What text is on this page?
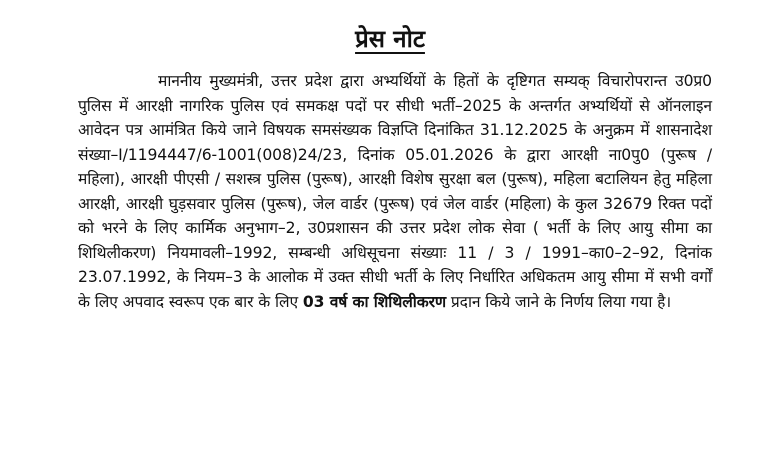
प्रेस नोट
माननीय मुख्यमंत्री, उत्तर प्रदेश द्वारा अभ्यर्थियों के हितों के दृष्टिगत सम्यक् विचारोपरान्त उ0प्र0 पुलिस में आरक्षी नागरिक पुलिस एवं समकक्ष पदों पर सीधी भर्ती–2025 के अन्तर्गत अभ्यर्थियों से ऑनलाइन आवेदन पत्र आमंत्रित किये जाने विषयक समसंख्यक विज्ञप्ति दिनांकित 31.12.2025 के अनुक्रम में शासनादेश संख्या–I/1194447/6-1001(008)24/23, दिनांक 05.01.2026 के द्वारा आरक्षी ना0पु0 (पुरूष / महिला), आरक्षी पीएसी / सशस्त्र पुलिस (पुरूष), आरक्षी विशेष सुरक्षा बल (पुरूष), महिला बटालियन हेतु महिला आरक्षी, आरक्षी घुड़सवार पुलिस (पुरूष), जेल वार्डर (पुरूष) एवं जेल वार्डर (महिला) के कुल 32679 रिक्त पदों को भरने के लिए कार्मिक अनुभाग–2, उ0प्रशासन की उत्तर प्रदेश लोक सेवा ( भर्ती के लिए आयु सीमा का शिथिलीकरण) नियमावली–1992, सम्बन्धी अधिसूचना संख्याः 11 / 3 / 1991–का0–2–92, दिनांक 23.07.1992, के नियम–3 के आलोक में उक्त सीधी भर्ती के लिए निर्धारित अधिकतम आयु सीमा में सभी वर्गों के लिए अपवाद स्वरूप एक बार के लिए 03 वर्ष का शिथिलीकरण प्रदान किये जाने के निर्णय लिया गया है।
